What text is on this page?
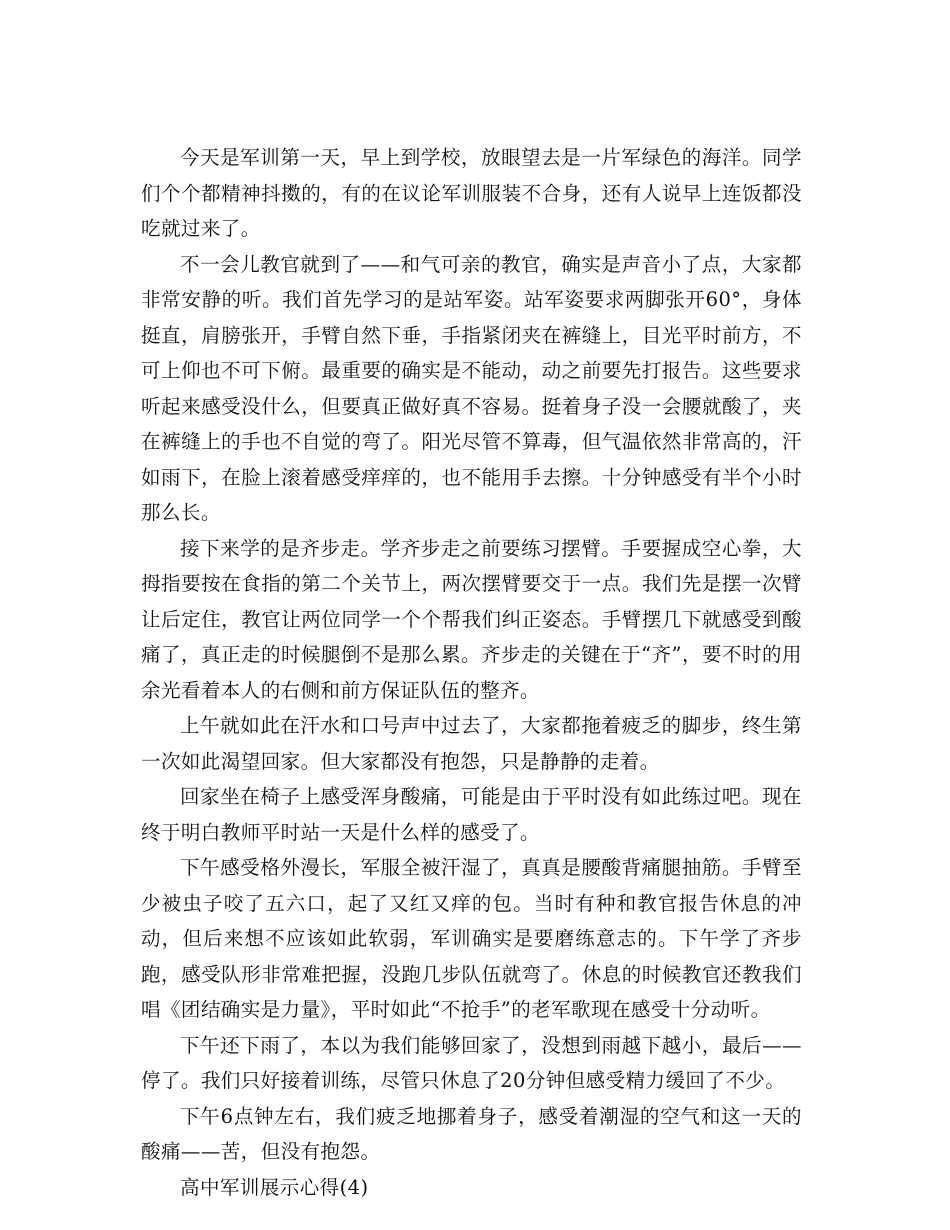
今天是军训第一天，早上到学校，放眼望去是一片军绿色的海洋。同学们个个都精神抖擞的，有的在议论军训服装不合身，还有人说早上连饭都没吃就过来了。

不一会儿教官就到了——和气可亲的教官，确实是声音小了点，大家都非常安静的听。我们首先学习的是站军姿。站军姿要求两脚张开60°，身体挺直，肩膀张开，手臂自然下垂，手指紧闭夹在裤缝上，目光平时前方，不可上仰也不可下俯。最重要的确实是不能动，动之前要先打报告。这些要求听起来感受没什么，但要真正做好真不容易。挺着身子没一会腰就酸了，夹在裤缝上的手也不自觉的弯了。阳光尽管不算毒，但气温依然非常高的，汗如雨下，在脸上滚着感受痒痒的，也不能用手去擦。十分钟感受有半个小时那么长。

接下来学的是齐步走。学齐步走之前要练习摆臂。手要握成空心拳，大拇指要按在食指的第二个关节上，两次摆臂要交于一点。我们先是摆一次臂让后定住，教官让两位同学一个个帮我们纠正姿态。手臂摆几下就感受到酸痛了，真正走的时候腿倒不是那么累。齐步走的关键在于“齐”，要不时的用余光看着本人的右侧和前方保证队伍的整齐。

上午就如此在汗水和口号声中过去了，大家都拖着疲乏的脚步，终生第一次如此渴望回家。但大家都没有抱怨，只是静静的走着。

回家坐在椅子上感受浑身酸痛，可能是由于平时没有如此练过吧。现在终于明白教师平时站一天是什么样的感受了。

下午感受格外漫长，军服全被汗湿了，真真是腰酸背痛腿抽筋。手臂至少被虫子咬了五六口，起了又红又痒的包。当时有种和教官报告休息的冲动，但后来想不应该如此软弱，军训确实是要磨练意志的。下午学了齐步跑，感受队形非常难把握，没跑几步队伍就弯了。休息的时候教官还教我们唱《团结确实是力量》，平时如此“不抢手”的老军歌现在感受十分动听。

下午还下雨了，本以为我们能够回家了，没想到雨越下越小，最后——停了。我们只好接着训练，尽管只休息了20分钟但感受精力缓回了不少。

下午6点钟左右，我们疲乏地挪着身子，感受着潮湿的空气和这一天的酸痛——苦，但没有抱怨。

高中军训展示心得(4)
